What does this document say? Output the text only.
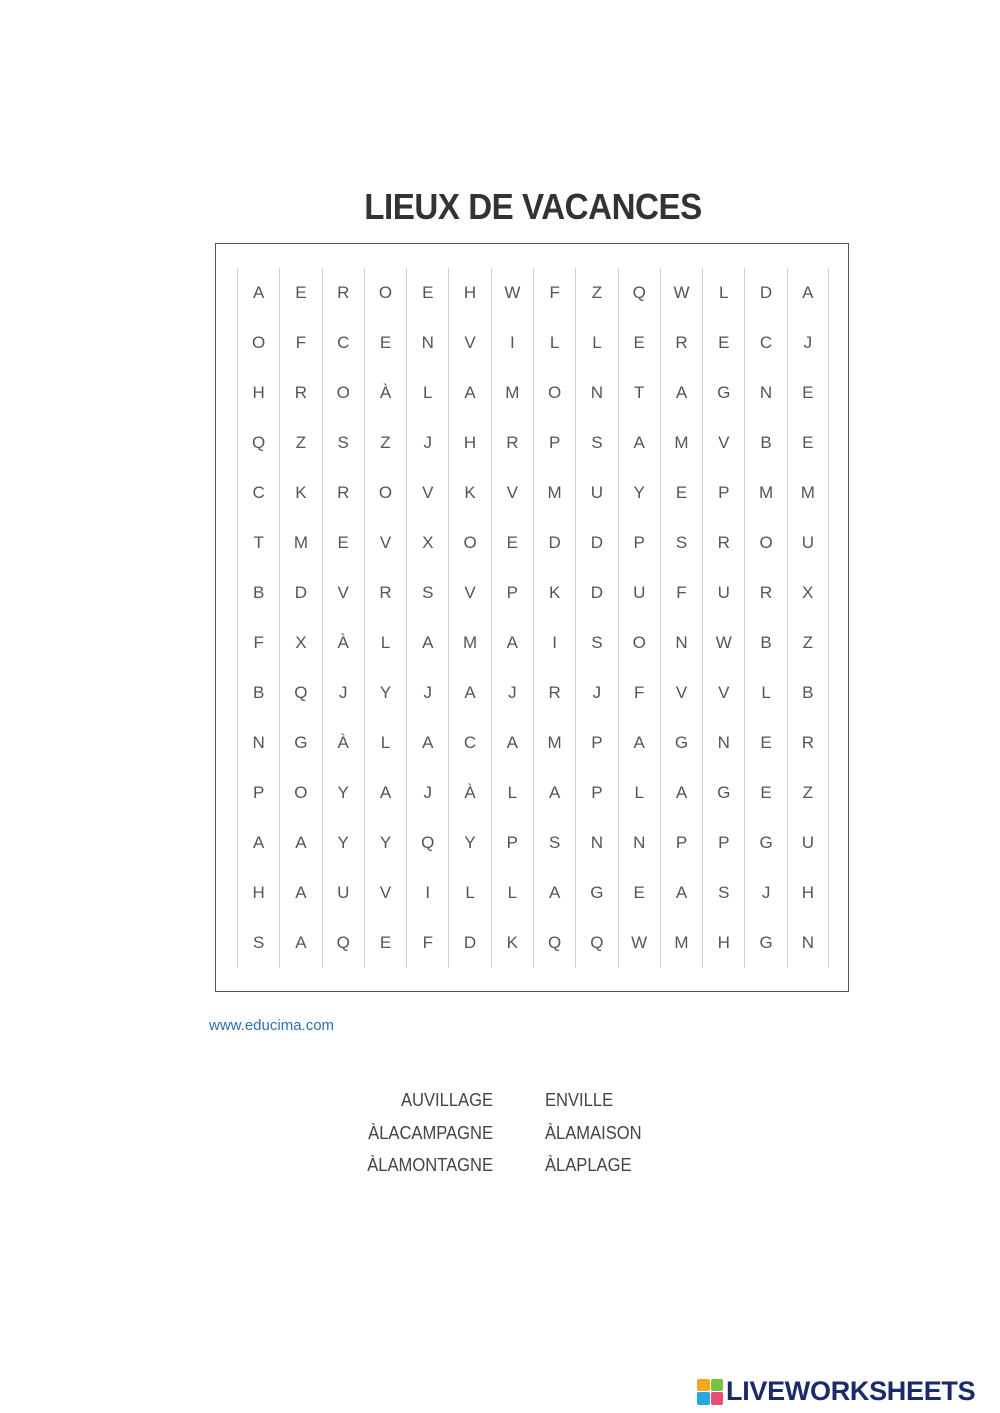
LIEUX DE VACANCES
A	E	R	O	E	H	W	F	Z	Q	W	L	D	A
O	F	C	E	N	V	I	L	L	E	R	E	C	J
H	R	O	À	L	A	M	O	N	T	A	G	N	E
Q	Z	S	Z	J	H	R	P	S	A	M	V	B	E
C	K	R	O	V	K	V	M	U	Y	E	P	M	M
T	M	E	V	X	O	E	D	D	P	S	R	O	U
B	D	V	R	S	V	P	K	D	U	F	U	R	X
F	X	À	L	A	M	A	I	S	O	N	W	B	Z
B	Q	J	Y	J	A	J	R	J	F	V	V	L	B
N	G	À	L	A	C	A	M	P	A	G	N	E	R
P	O	Y	A	J	À	L	A	P	L	A	G	E	Z
A	A	Y	Y	Q	Y	P	S	N	N	P	P	G	U
H	A	U	V	I	L	L	A	G	E	A	S	J	H
S	A	Q	E	F	D	K	Q	Q	W	M	H	G	N
www.educima.com
AUVILLAGE
ÀLACAMPAGNE
ÀLAMONTAGNE
ENVILLE
ÀLAMAISON
ÀLAPLAGE
LIVEWORKSHEETS
